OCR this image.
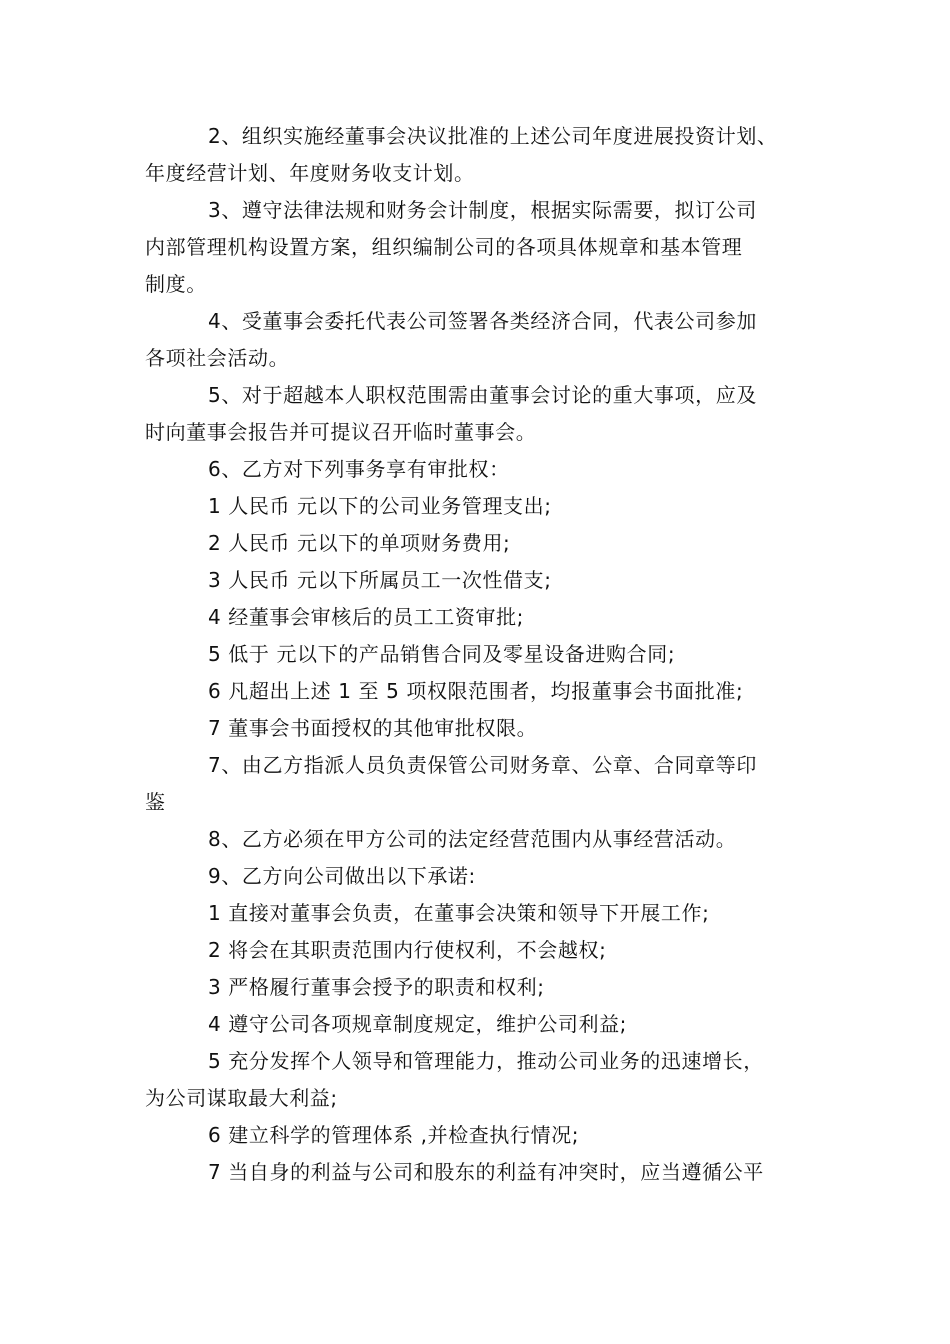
2、组织实施经董事会决议批准的上述公司年度进展投资计划、
年度经营计划、年度财务收支计划。
3、遵守法律法规和财务会计制度，根据实际需要，拟订公司
内部管理机构设置方案，组织编制公司的各项具体规章和基本管理
制度。
4、受董事会委托代表公司签署各类经济合同，代表公司参加
各项社会活动。
5、对于超越本人职权范围需由董事会讨论的重大事项，应及
时向董事会报告并可提议召开临时董事会。
6、乙方对下列事务享有审批权：
1 人民币 元以下的公司业务管理支出;
2 人民币 元以下的单项财务费用;
3 人民币 元以下所属员工一次性借支;
4 经董事会审核后的员工工资审批;
5 低于 元以下的产品销售合同及零星设备进购合同;
6 凡超出上述 1 至 5 项权限范围者，均报董事会书面批准;
7 董事会书面授权的其他审批权限。
7、由乙方指派人员负责保管公司财务章、公章、合同章等印
鉴
8、乙方必须在甲方公司的法定经营范围内从事经营活动。
9、乙方向公司做出以下承诺:
1 直接对董事会负责，在董事会决策和领导下开展工作;
2 将会在其职责范围内行使权利，不会越权;
3 严格履行董事会授予的职责和权利;
4 遵守公司各项规章制度规定，维护公司利益;
5 充分发挥个人领导和管理能力，推动公司业务的迅速增长，
为公司谋取最大利益;
6 建立科学的管理体系 ,并检查执行情况;
7 当自身的利益与公司和股东的利益有冲突时，应当遵循公平
